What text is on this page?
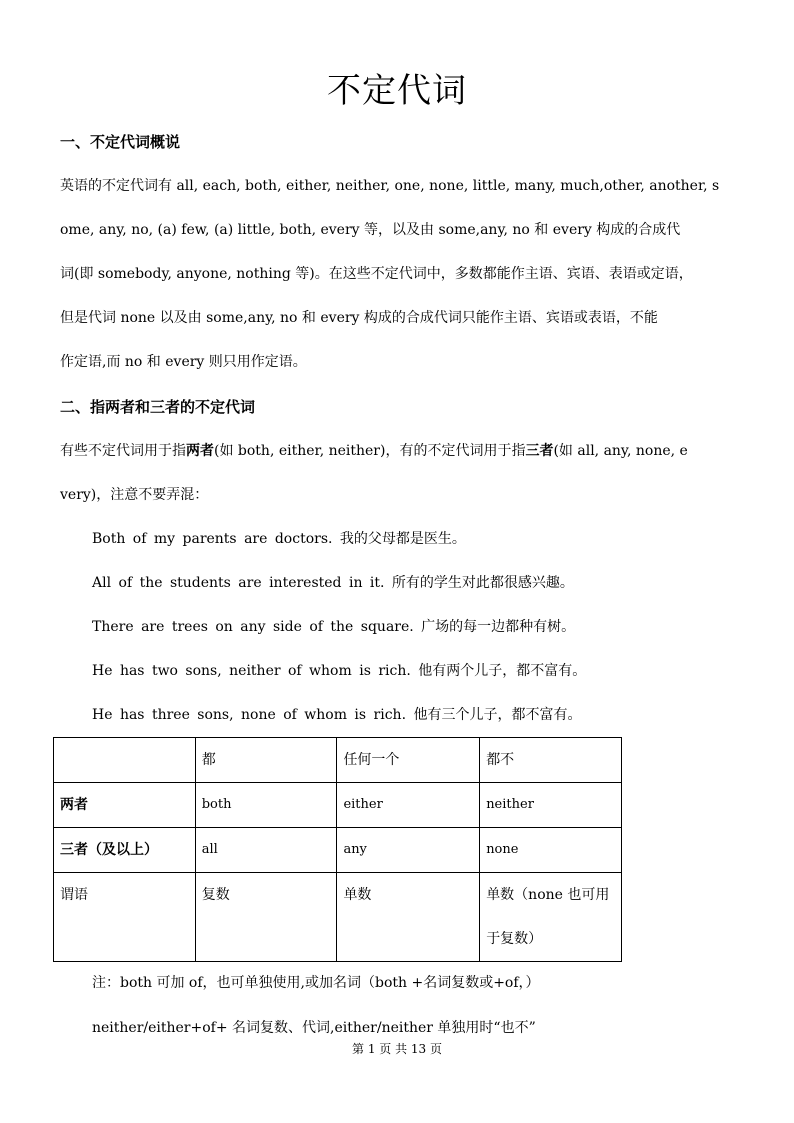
不定代词
一、不定代词概说
英语的不定代词有 all, each, both, either, neither, one, none, little, many, much,other, another, s
ome, any, no, (a) few, (a) little, both, every 等，以及由 some,any, no 和 every 构成的合成代
词(即 somebody, anyone, nothing 等)。在这些不定代词中，多数都能作主语、宾语、表语或定语，
但是代词 none 以及由 some,any, no 和 every 构成的合成代词只能作主语、宾语或表语，不能
作定语,而 no 和 every 则只用作定语。
二、指两者和三者的不定代词
有些不定代词用于指两者(如 both, either, neither)，有的不定代词用于指三者(如 all, any, none, e
very)，注意不要弄混：
Both of my parents are doctors. 我的父母都是医生。
All of the students are interested in it. 所有的学生对此都很感兴趣。
There are trees on any side of the square. 广场的每一边都种有树。
He has two sons, neither of whom is rich. 他有两个儿子，都不富有。
He has three sons, none of whom is rich. 他有三个儿子，都不富有。
	都	任何一个	都不
两者	both	either	neither
三者（及以上）	all	any	none
谓语	复数	单数	单数（none 也可用
于复数）
注：both 可加 of，也可单独使用,或加名词（both +名词复数或+of，）
neither/either+of+ 名词复数、代词,either/neither 单独用时“也不”
第 1 页 共 13 页
